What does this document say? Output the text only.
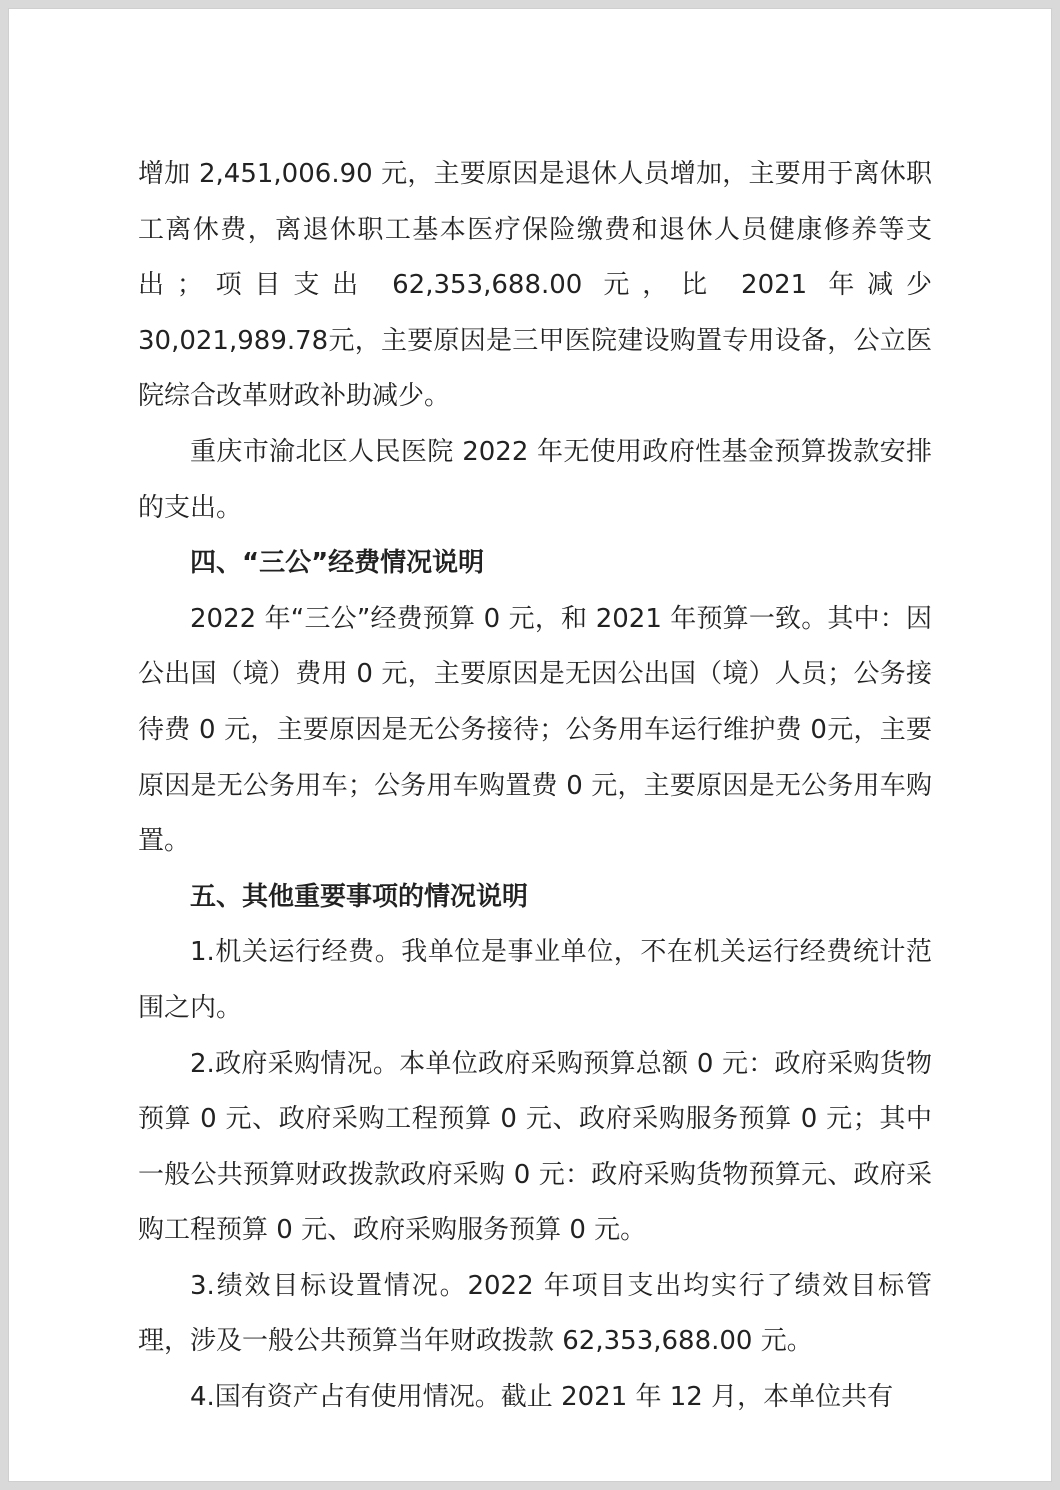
增加 2,451,006.90 元，主要原因是退休人员增加，主要用于离休职工离休费，离退休职工基本医疗保险缴费和退休人员健康修养等支出；项目支出 62,353,688.00 元，比 2021 年减少 30,021,989.78元，主要原因是三甲医院建设购置专用设备，公立医院综合改革财政补助减少。

重庆市渝北区人民医院 2022 年无使用政府性基金预算拨款安排的支出。

四、“三公”经费情况说明

2022 年“三公”经费预算 0 元，和 2021 年预算一致。其中：因公出国（境）费用 0 元，主要原因是无因公出国（境）人员；公务接待费 0 元，主要原因是无公务接待；公务用车运行维护费 0元，主要原因是无公务用车；公务用车购置费 0 元，主要原因是无公务用车购置。

五、其他重要事项的情况说明

1.机关运行经费。我单位是事业单位，不在机关运行经费统计范围之内。

2.政府采购情况。本单位政府采购预算总额 0 元：政府采购货物预算 0 元、政府采购工程预算 0 元、政府采购服务预算 0 元；其中一般公共预算财政拨款政府采购 0 元：政府采购货物预算元、政府采购工程预算 0 元、政府采购服务预算 0 元。

3.绩效目标设置情况。2022 年项目支出均实行了绩效目标管理，涉及一般公共预算当年财政拨款 62,353,688.00 元。

4.国有资产占有使用情况。截止 2021 年 12 月，本单位共有
